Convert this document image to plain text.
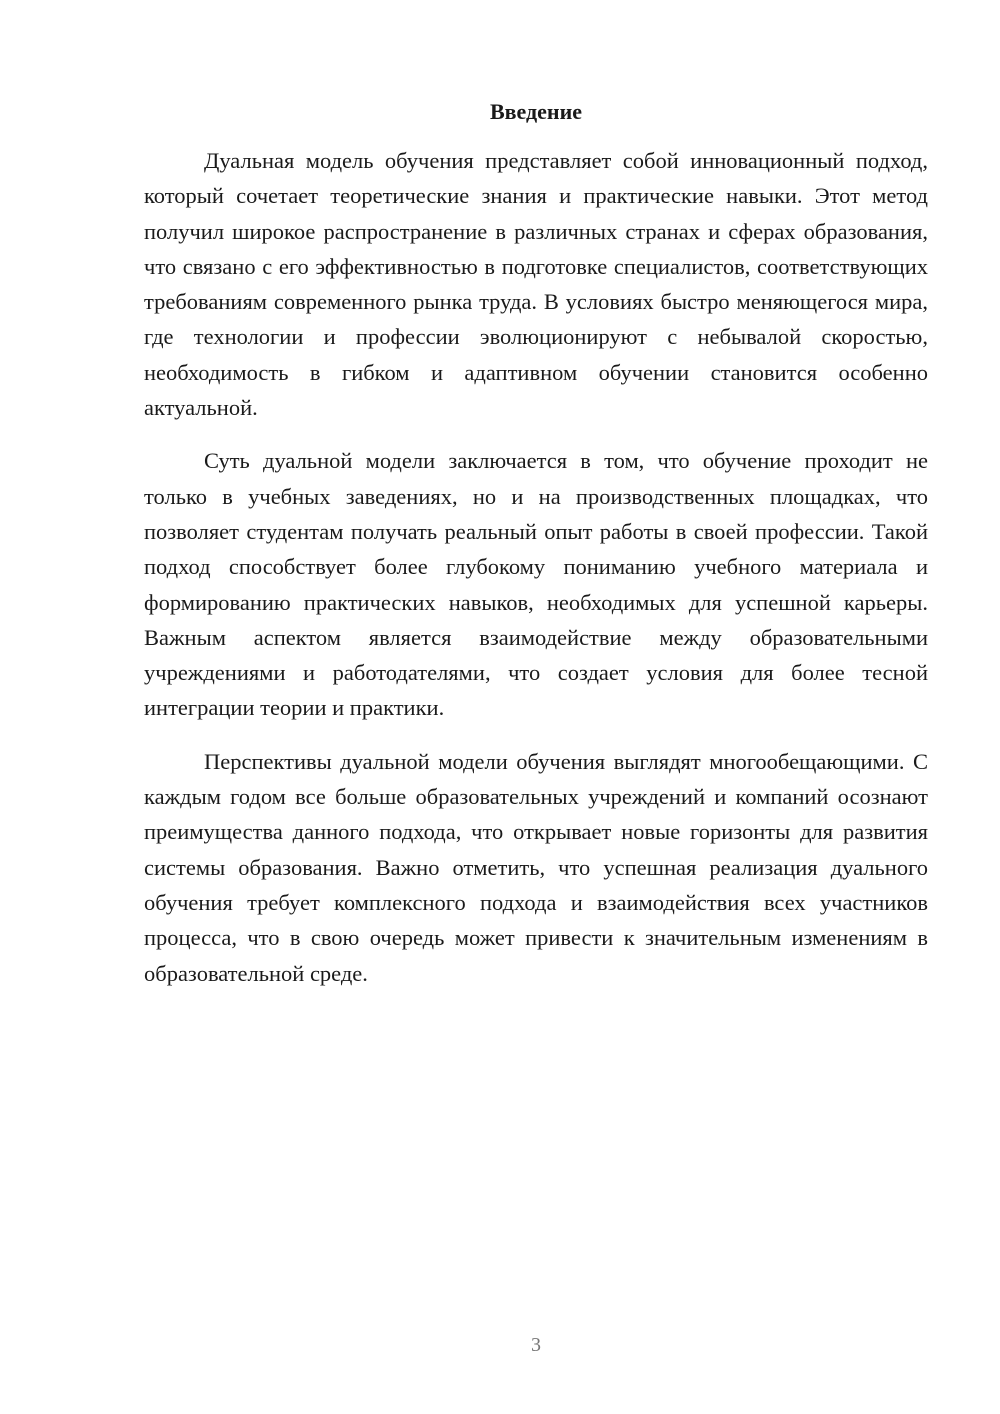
Введение

Дуальная модель обучения представляет собой инновационный подход, который сочетает теоретические знания и практические навыки. Этот метод получил широкое распространение в различных странах и сферах образования, что связано с его эффективностью в подготовке специалистов, соответствующих требованиям современного рынка труда. В условиях быстро меняющегося мира, где технологии и профессии эволюционируют с небывалой скоростью, необходимость в гибком и адаптивном обучении становится особенно актуальной.

Суть дуальной модели заключается в том, что обучение проходит не только в учебных заведениях, но и на производственных площадках, что позволяет студентам получать реальный опыт работы в своей профессии. Такой подход способствует более глубокому пониманию учебного материала и формированию практических навыков, необходимых для успешной карьеры. Важным аспектом является взаимодействие между образовательными учреждениями и работодателями, что создает условия для более тесной интеграции теории и практики.

Перспективы дуальной модели обучения выглядят многообещающими. С каждым годом все больше образовательных учреждений и компаний осознают преимущества данного подхода, что открывает новые горизонты для развития системы образования. Важно отметить, что успешная реализация дуального обучения требует комплексного подхода и взаимодействия всех участников процесса, что в свою очередь может привести к значительным изменениям в образовательной среде.

3
